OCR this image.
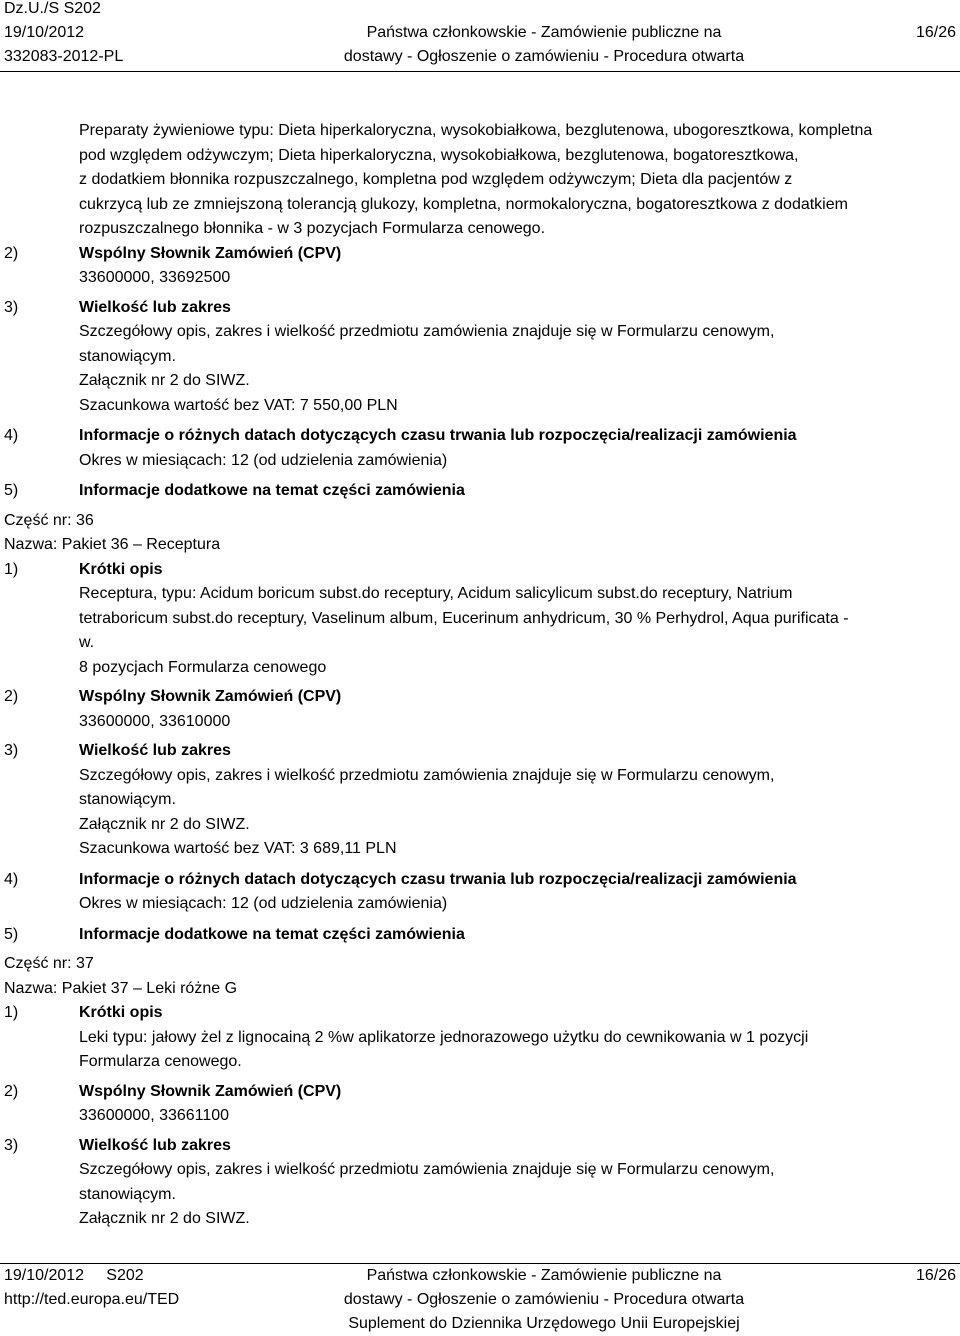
Dz.U./S S202
19/10/2012
332083-2012-PL
Państwa członkowskie - Zamówienie publiczne na
dostawy - Ogłoszenie o zamówieniu - Procedura otwarta
16/26
Preparaty żywieniowe typu: Dieta hiperkaloryczna, wysokobiałkowa, bezglutenowa, ubogoresztkowa, kompletna
pod względem odżywczym; Dieta hiperkaloryczna, wysokobiałkowa, bezglutenowa, bogatoresztkowa,
z dodatkiem błonnika rozpuszczalnego, kompletna pod względem odżywczym; Dieta dla pacjentów z
cukrzycą lub ze zmniejszoną tolerancją glukozy, kompletna, normokaloryczna, bogatoresztkowa z dodatkiem
rozpuszczalnego błonnika - w 3 pozycjach Formularza cenowego.
2)	Wspólny Słownik Zamówień (CPV)
33600000, 33692500
3)	Wielkość lub zakres
Szczegółowy opis, zakres i wielkość przedmiotu zamówienia znajduje się w Formularzu cenowym,
stanowiącym.
Załącznik nr 2 do SIWZ.
Szacunkowa wartość bez VAT: 7 550,00 PLN
4)	Informacje o różnych datach dotyczących czasu trwania lub rozpoczęcia/realizacji zamówienia
Okres w miesiącach: 12 (od udzielenia zamówienia)
5)	Informacje dodatkowe na temat części zamówienia
Część nr: 36
Nazwa: Pakiet 36 – Receptura
1)	Krótki opis
Receptura, typu: Acidum boricum subst.do receptury, Acidum salicylicum subst.do receptury, Natrium
tetraboricum subst.do receptury, Vaselinum album, Eucerinum anhydricum, 30 % Perhydrol, Aqua purificata -
w.
8 pozycjach Formularza cenowego
2)	Wspólny Słownik Zamówień (CPV)
33600000, 33610000
3)	Wielkość lub zakres
Szczegółowy opis, zakres i wielkość przedmiotu zamówienia znajduje się w Formularzu cenowym,
stanowiącym.
Załącznik nr 2 do SIWZ.
Szacunkowa wartość bez VAT: 3 689,11 PLN
4)	Informacje o różnych datach dotyczących czasu trwania lub rozpoczęcia/realizacji zamówienia
Okres w miesiącach: 12 (od udzielenia zamówienia)
5)	Informacje dodatkowe na temat części zamówienia
Część nr: 37
Nazwa: Pakiet 37 – Leki różne G
1)	Krótki opis
Leki typu: jałowy żel z lignocainą 2 %w aplikatorze jednorazowego użytku do cewnikowania w 1 pozycji
Formularza cenowego.
2)	Wspólny Słownik Zamówień (CPV)
33600000, 33661100
3)	Wielkość lub zakres
Szczegółowy opis, zakres i wielkość przedmiotu zamówienia znajduje się w Formularzu cenowym,
stanowiącym.
Załącznik nr 2 do SIWZ.
19/10/2012     S202
http://ted.europa.eu/TED
Państwa członkowskie - Zamówienie publiczne na
dostawy - Ogłoszenie o zamówieniu - Procedura otwarta
Suplement do Dziennika Urzędowego Unii Europejskiej
16/26
